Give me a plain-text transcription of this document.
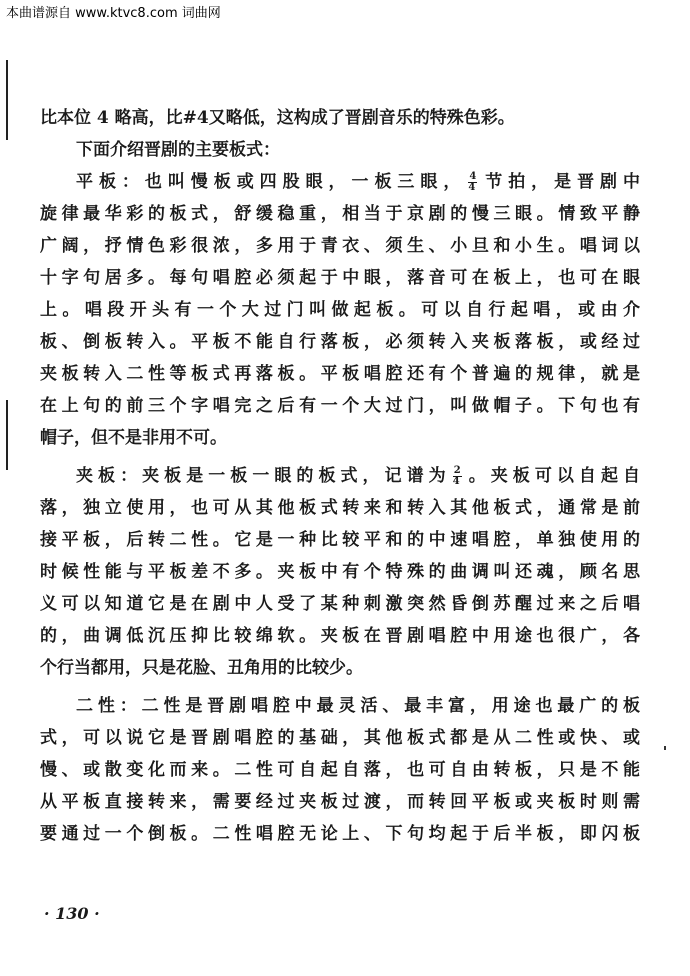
本曲谱源自 www.ktvc8.com 词曲网
比本位 4 略高，比#4又略低，这构成了晋剧音乐的特殊色彩。
下面介绍晋剧的主要板式：
平板：也叫慢板或四股眼，一板三眼， $\frac{4}{4}$ 节拍，是晋剧中
旋律最华彩的板式，舒缓稳重，相当于京剧的慢三眼。情致平静
广阔，抒情色彩很浓，多用于青衣、须生、小旦和小生。唱词以
十字句居多。每句唱腔必须起于中眼，落音可在板上，也可在眼
上。唱段开头有一个大过门叫做起板。可以自行起唱，或由介
板、倒板转入。平板不能自行落板，必须转入夹板落板，或经过
夹板转入二性等板式再落板。平板唱腔还有个普遍的规律，就是
在上句的前三个字唱完之后有一个大过门，叫做帽子。下句也有
帽子，但不是非用不可。
夹板：夹板是一板一眼的板式，记谱为 $\frac{2}{4}$ 。夹板可以自起自
落，独立使用，也可从其他板式转来和转入其他板式，通常是前
接平板，后转二性。它是一种比较平和的中速唱腔，单独使用的
时候性能与平板差不多。夹板中有个特殊的曲调叫还魂，顾名思
义可以知道它是在剧中人受了某种刺激突然昏倒苏醒过来之后唱
的，曲调低沉压抑比较绵软。夹板在晋剧唱腔中用途也很广，各
个行当都用，只是花脸、丑角用的比较少。
二性：二性是晋剧唱腔中最灵活、最丰富，用途也最广的板
式，可以说它是晋剧唱腔的基础，其他板式都是从二性或快、或
慢、或散变化而来。二性可自起自落，也可自由转板，只是不能
从平板直接转来，需要经过夹板过渡，而转回平板或夹板时则需
要通过一个倒板。二性唱腔无论上、下句均起于后半板，即闪板
· 130 ·
